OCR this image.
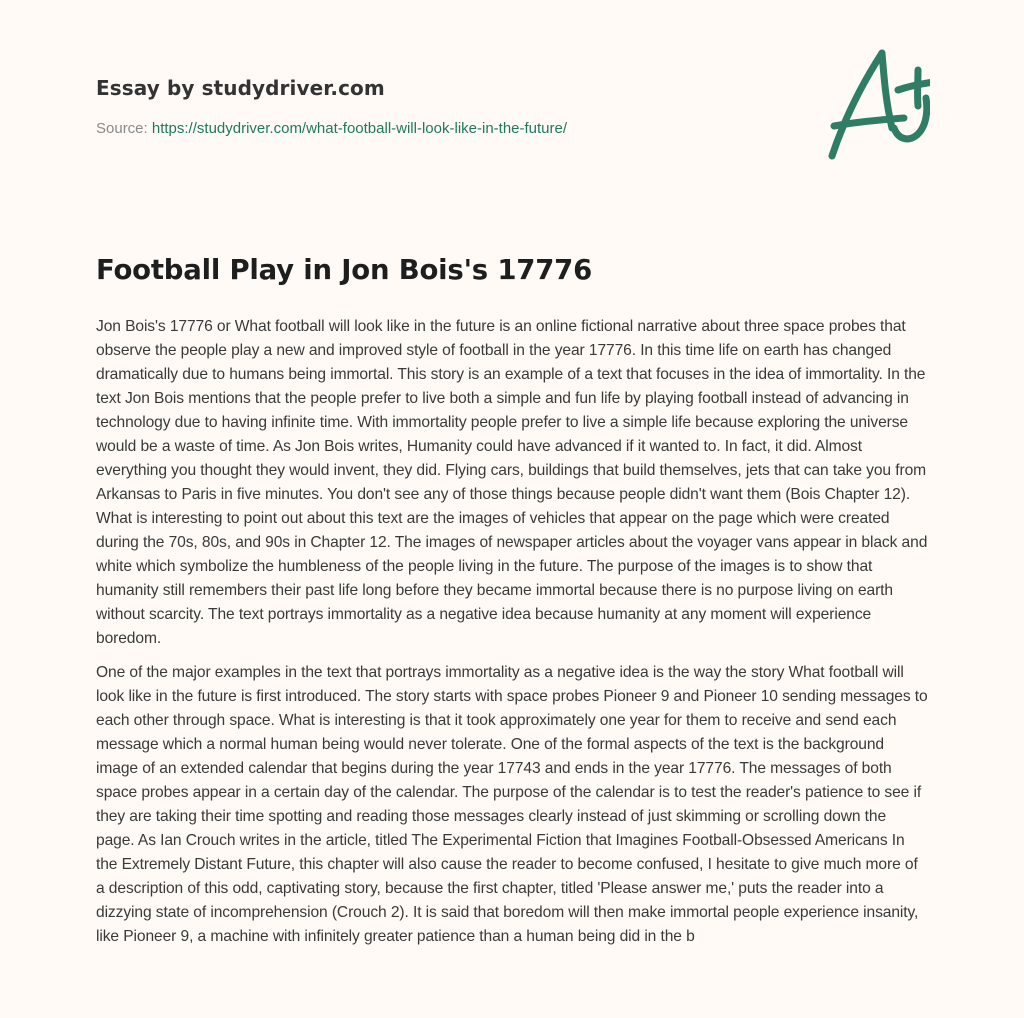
Essay by studydriver.com
Source: https://studydriver.com/what-football-will-look-like-in-the-future/
Football Play in Jon Bois's 17776

Jon Bois's 17776 or What football will look like in the future is an online fictional narrative about three space probes that observe the people play a new and improved style of football in the year 17776. In this time life on earth has changed dramatically due to humans being immortal. This story is an example of a text that focuses in the idea of immortality. In the text Jon Bois mentions that the people prefer to live both a simple and fun life by playing football instead of advancing in technology due to having infinite time. With immortality people prefer to live a simple life because exploring the universe would be a waste of time. As Jon Bois writes, Humanity could have advanced if it wanted to. In fact, it did. Almost everything you thought they would invent, they did. Flying cars, buildings that build themselves, jets that can take you from Arkansas to Paris in five minutes. You don't see any of those things because people didn't want them (Bois Chapter 12). What is interesting to point out about this text are the images of vehicles that appear on the page which were created during the 70s, 80s, and 90s in Chapter 12. The images of newspaper articles about the voyager vans appear in black and white which symbolize the humbleness of the people living in the future. The purpose of the images is to show that humanity still remembers their past life long before they became immortal because there is no purpose living on earth without scarcity. The text portrays immortality as a negative idea because humanity at any moment will experience boredom.

One of the major examples in the text that portrays immortality as a negative idea is the way the story What football will look like in the future is first introduced. The story starts with space probes Pioneer 9 and Pioneer 10 sending messages to each other through space. What is interesting is that it took approximately one year for them to receive and send each message which a normal human being would never tolerate. One of the formal aspects of the text is the background image of an extended calendar that begins during the year 17743 and ends in the year 17776. The messages of both space probes appear in a certain day of the calendar. The purpose of the calendar is to test the reader's patience to see if they are taking their time spotting and reading those messages clearly instead of just skimming or scrolling down the page. As Ian Crouch writes in the article, titled The Experimental Fiction that Imagines Football-Obsessed Americans In the Extremely Distant Future, this chapter will also cause the reader to become confused, I hesitate to give much more of a description of this odd, captivating story, because the first chapter, titled 'Please answer me,' puts the reader into a dizzying state of incomprehension (Crouch 2). It is said that boredom will then make immortal people experience insanity, like Pioneer 9, a machine with infinitely greater patience than a human being did in the b
